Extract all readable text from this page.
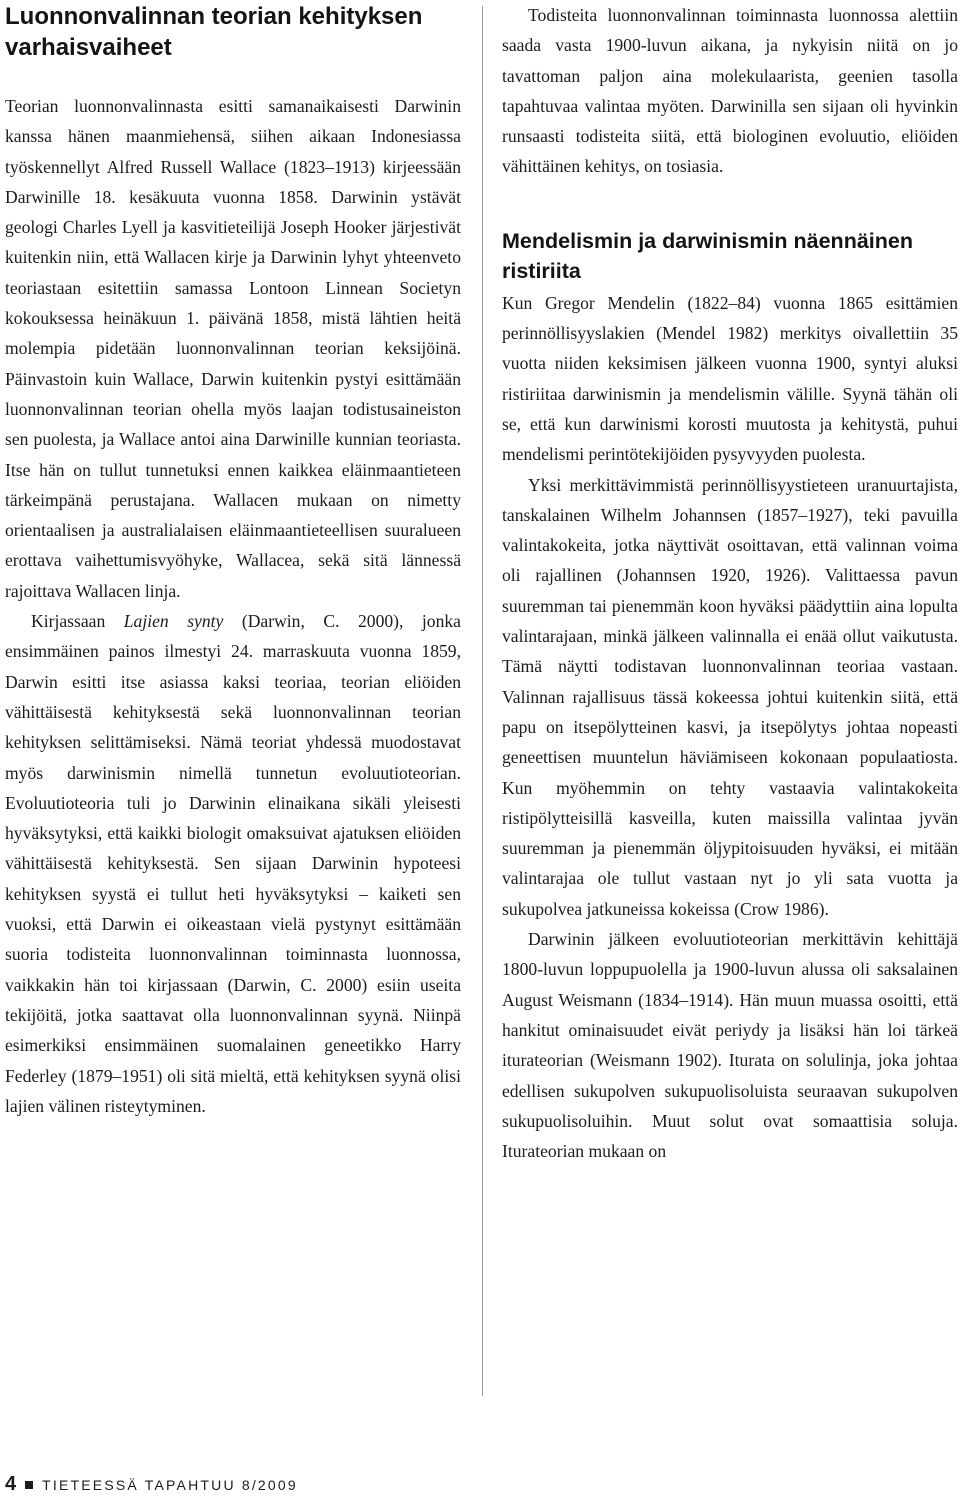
Luonnonvalinnan teorian kehityksen varhaisvaiheet

Teorian luonnonvalinnasta esitti samanaikaisesti Darwinin kanssa hänen maanmiehensä, siihen aikaan Indonesiassa työskennellyt Alfred Russell Wallace (1823–1913) kirjeessään Darwinille 18. kesäkuuta vuonna 1858. Darwinin ystävät geologi Charles Lyell ja kasvitieteilijä Joseph Hooker järjestivät kuitenkin niin, että Wallacen kirje ja Darwinin lyhyt yhteenveto teoriastaan esitettiin samassa Lontoon Linnean Societyn kokouksessa heinäkuun 1. päivänä 1858, mistä lähtien heitä molempia pidetään luonnonvalinnan teorian keksijöinä. Päinvastoin kuin Wallace, Darwin kuitenkin pystyi esittämään luonnonvalinnan teorian ohella myös laajan todistusaineiston sen puolesta, ja Wallace antoi aina Darwinille kunnian teoriasta. Itse hän on tullut tunnetuksi ennen kaikkea eläinmaantieteen tärkeimpänä perustajana. Wallacen mukaan on nimetty orientaalisen ja australialaisen eläinmaantieteellisen suuralueen erottava vaihettumisvyöhyke, Wallacea, sekä sitä lännessä rajoittava Wallacen linja.

Kirjassaan Lajien synty (Darwin, C. 2000), jonka ensimmäinen painos ilmestyi 24. marraskuuta vuonna 1859, Darwin esitti itse asiassa kaksi teoriaa, teorian eliöiden vähittäisestä kehityksestä sekä luonnonvalinnan teorian kehityksen selittämiseksi. Nämä teoriat yhdessä muodostavat myös darwinismin nimellä tunnetun evoluutioteorian. Evoluutioteoria tuli jo Darwinin elinaikana sikäli yleisesti hyväksytyksi, että kaikki biologit omaksuivat ajatuksen eliöiden vähittäisestä kehityksestä. Sen sijaan Darwinin hypoteesi kehityksen syystä ei tullut heti hyväksytyksi – kaiketi sen vuoksi, että Darwin ei oikeastaan vielä pystynyt esittämään suoria todisteita luonnonvalinnan toiminnasta luonnossa, vaikkakin hän toi kirjassaan (Darwin, C. 2000) esiin useita tekijöitä, jotka saattavat olla luonnonvalinnan syynä. Niinpä esimerkiksi ensimmäinen suomalainen geneetikko Harry Federley (1879–1951) oli sitä mieltä, että kehityksen syynä olisi lajien välinen risteytyminen.

Todisteita luonnonvalinnan toiminnasta luonnossa alettiin saada vasta 1900-luvun aikana, ja nykyisin niitä on jo tavattoman paljon aina molekulaarista, geenien tasolla tapahtuvaa valintaa myöten. Darwinilla sen sijaan oli hyvinkin runsaasti todisteita siitä, että biologinen evoluutio, eliöiden vähittäinen kehitys, on tosiasia.

Mendelismin ja darwinismin näennäinen ristiriita

Kun Gregor Mendelin (1822–84) vuonna 1865 esittämien perinnöllisyyslakien (Mendel 1982) merkitys oivallettiin 35 vuotta niiden keksimisen jälkeen vuonna 1900, syntyi aluksi ristiriitaa darwinismin ja mendelismin välille. Syynä tähän oli se, että kun darwinismi korosti muutosta ja kehitystä, puhui mendelismi perintötekijöiden pysyvyyden puolesta.

Yksi merkittävimmistä perinnöllisyystieteen uranuurtajista, tanskalainen Wilhelm Johannsen (1857–1927), teki pavuilla valintakokeita, jotka näyttivät osoittavan, että valinnan voima oli rajallinen (Johannsen 1920, 1926). Valittaessa pavun suuremman tai pienemmän koon hyväksi päädyttiin aina lopulta valintarajaan, minkä jälkeen valinnalla ei enää ollut vaikutusta. Tämä näytti todistavan luonnonvalinnan teoriaa vastaan. Valinnan rajallisuus tässä kokeessa johtui kuitenkin siitä, että papu on itsepölytteinen kasvi, ja itsepölytys johtaa nopeasti geneettisen muuntelun häviämiseen kokonaan populaatiosta. Kun myöhemmin on tehty vastaavia valintakokeita ristipölytteisillä kasveilla, kuten maissilla valintaa jyvän suuremman ja pienemmän öljypitoisuuden hyväksi, ei mitään valintarajaa ole tullut vastaan nyt jo yli sata vuotta ja sukupolvea jatkuneissa kokeissa (Crow 1986).

Darwinin jälkeen evoluutioteorian merkittävin kehittäjä 1800-luvun loppupuolella ja 1900-luvun alussa oli saksalainen August Weismann (1834–1914). Hän muun muassa osoitti, että hankitut ominaisuudet eivät periydy ja lisäksi hän loi tärkeä iturateorian (Weismann 1902). Iturata on solulinja, joka johtaa edellisen sukupolven sukupuolisoluista seuraavan sukupolven sukupuolisoluihin. Muut solut ovat somaattisia soluja. Iturateorian mukaan on

4 TIETEESSÄ TAPAHTUU 8/2009
